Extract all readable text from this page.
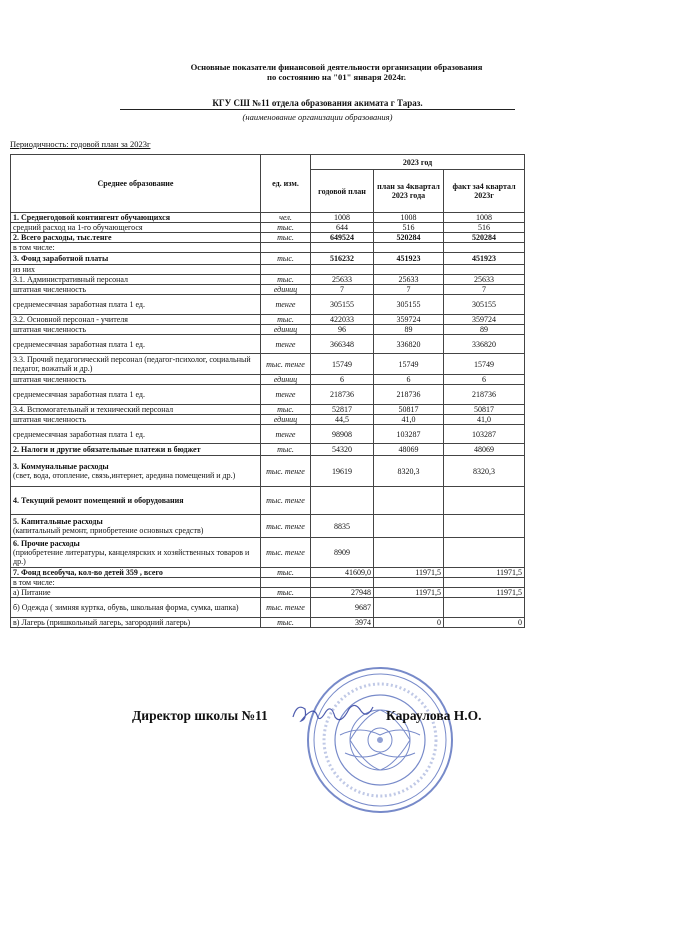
Основные показатели финансовой деятельности организации образования
по состоянию на "01" января 2024г.
КГУ СШ №11 отдела образования акимата г Тараз.
(наименование организации образования)
Периодичность: годовой план за 2023г
Среднее образование	ед. изм.	2023 год		
		годовой план	план за 4квартал 2023 года	факт за4 квартал 2023г
1. Среднегодовой контингент обучающихся	чел.	1008	1008	1008
средний расход на 1-го обучающегося	тыс.	644	516	516
2. Всего расходы, тыс.тенге	тыс.	649524	520284	520284
в том числе:				
3. Фонд заработной платы	тыс.	516232	451923	451923
из них				
3.1. Административный персонал	тыс.	25633	25633	25633
штатная численность	единиц	7	7	7
среднемесячная заработная плата 1 ед.	тенге	305155	305155	305155
3.2. Основной персонал - учителя	тыс.	422033	359724	359724
штатная численность	единиц	96	89	89
среднемесячная заработная плата 1 ед.	тенге	366348	336820	336820
3.3. Прочий педагогический персонал (педагог-психолог, социальный педагог, вожатый и др.)	тыс. тенге	15749	15749	15749
штатная численность	единиц	6	6	6
среднемесячная заработная плата 1 ед.	тенге	218736	218736	218736
3.4. Вспомогательный и технический персонал	тыс.	52817	50817	50817
штатная численность	единиц	44,5	41,0	41,0
среднемесячная заработная плата 1 ед.	тенге	98908	103287	103287
2. Налоги и другие обязательные платежи в бюджет	тыс.	54320	48069	48069
3. Коммунальные расходы
(свет, вода, отопление, связь,интернет, аредина помещений и др.)	тыс. тенге	19619	8320,3	8320,3
4. Текущий ремонт помещений и оборудования	тыс. тенге			
5. Капитальные расходы
(капитальный ремонт, приобретение основных средств)	тыс. тенге	8835		
6. Прочие расходы
(приобретение литературы, канцелярских и хозяйственных товаров и др.)	тыс. тенге	8909		
7. Фонд всеобуча, кол-во детей 359 , всего	тыс.	41609,0	11971,5	11971,5
в том числе:				
а) Питание	тыс.	27948	11971,5	11971,5
б) Одежда ( зимняя куртка, обувь, школьная форма, сумка, шапка)	тыс. тенге	9687		
в) Лагерь (пришкольный лагерь, загородний лагерь)	тыс.	3974	0	0
Директор школы №11	Караулова Н.О.
